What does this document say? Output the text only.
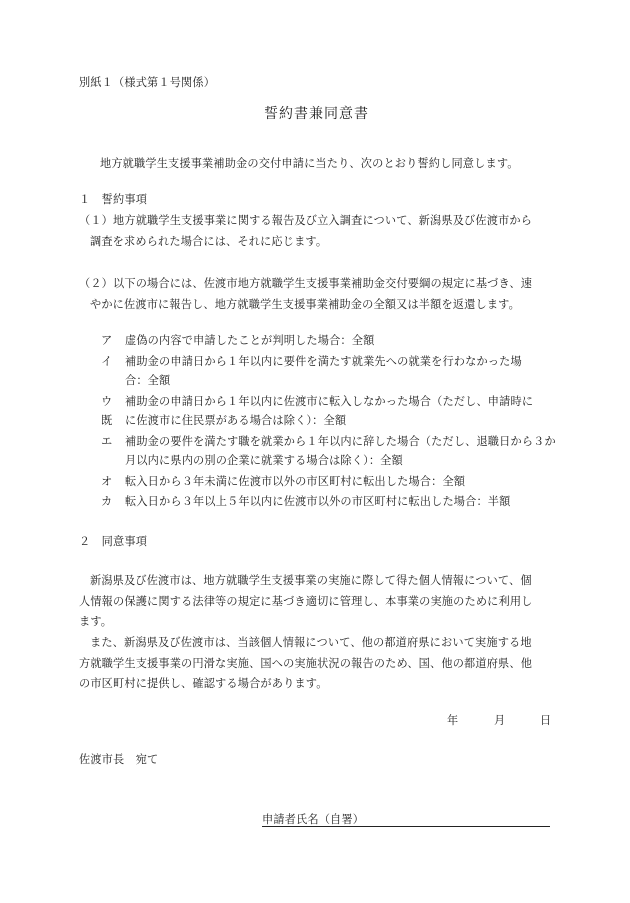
別紙１（様式第１号関係）
誓約書兼同意書
地方就職学生支援事業補助金の交付申請に当たり、次のとおり誓約し同意します。
１　誓約事項
（１）地方就職学生支援事業に関する報告及び立入調査について、新潟県及び佐渡市から
調査を求められた場合には、それに応じます。
（２）以下の場合には、佐渡市地方就職学生支援事業補助金交付要綱の規定に基づき、速
やかに佐渡市に報告し、地方就職学生支援事業補助金の全額又は半額を返還します。
ア 虚偽の内容で申請したことが判明した場合：全額
イ 補助金の申請日から１年以内に要件を満たす就業先への就業を行わなかった場
合：全額
ウ 補助金の申請日から１年以内に佐渡市に転入しなかった場合（ただし、申請時に
既 に佐渡市に住民票がある場合は除く）：全額
エ 補助金の要件を満たす職を就業から１年以内に辞した場合（ただし、退職日から３か
月以内に県内の別の企業に就業する場合は除く）：全額
オ 転入日から３年未満に佐渡市以外の市区町村に転出した場合：全額
カ 転入日から３年以上５年以内に佐渡市以外の市区町村に転出した場合：半額
２　同意事項
新潟県及び佐渡市は、地方就職学生支援事業の実施に際して得た個人情報について、個
人情報の保護に関する法律等の規定に基づき適切に管理し、本事業の実施のために利用し
ます。
また、新潟県及び佐渡市は、当該個人情報について、他の都道府県において実施する地
方就職学生支援事業の円滑な実施、国への実施状況の報告のため、国、他の都道府県、他
の市区町村に提供し、確認する場合があります。
年	月	日
佐渡市長　宛て
申請者氏名（自署）
